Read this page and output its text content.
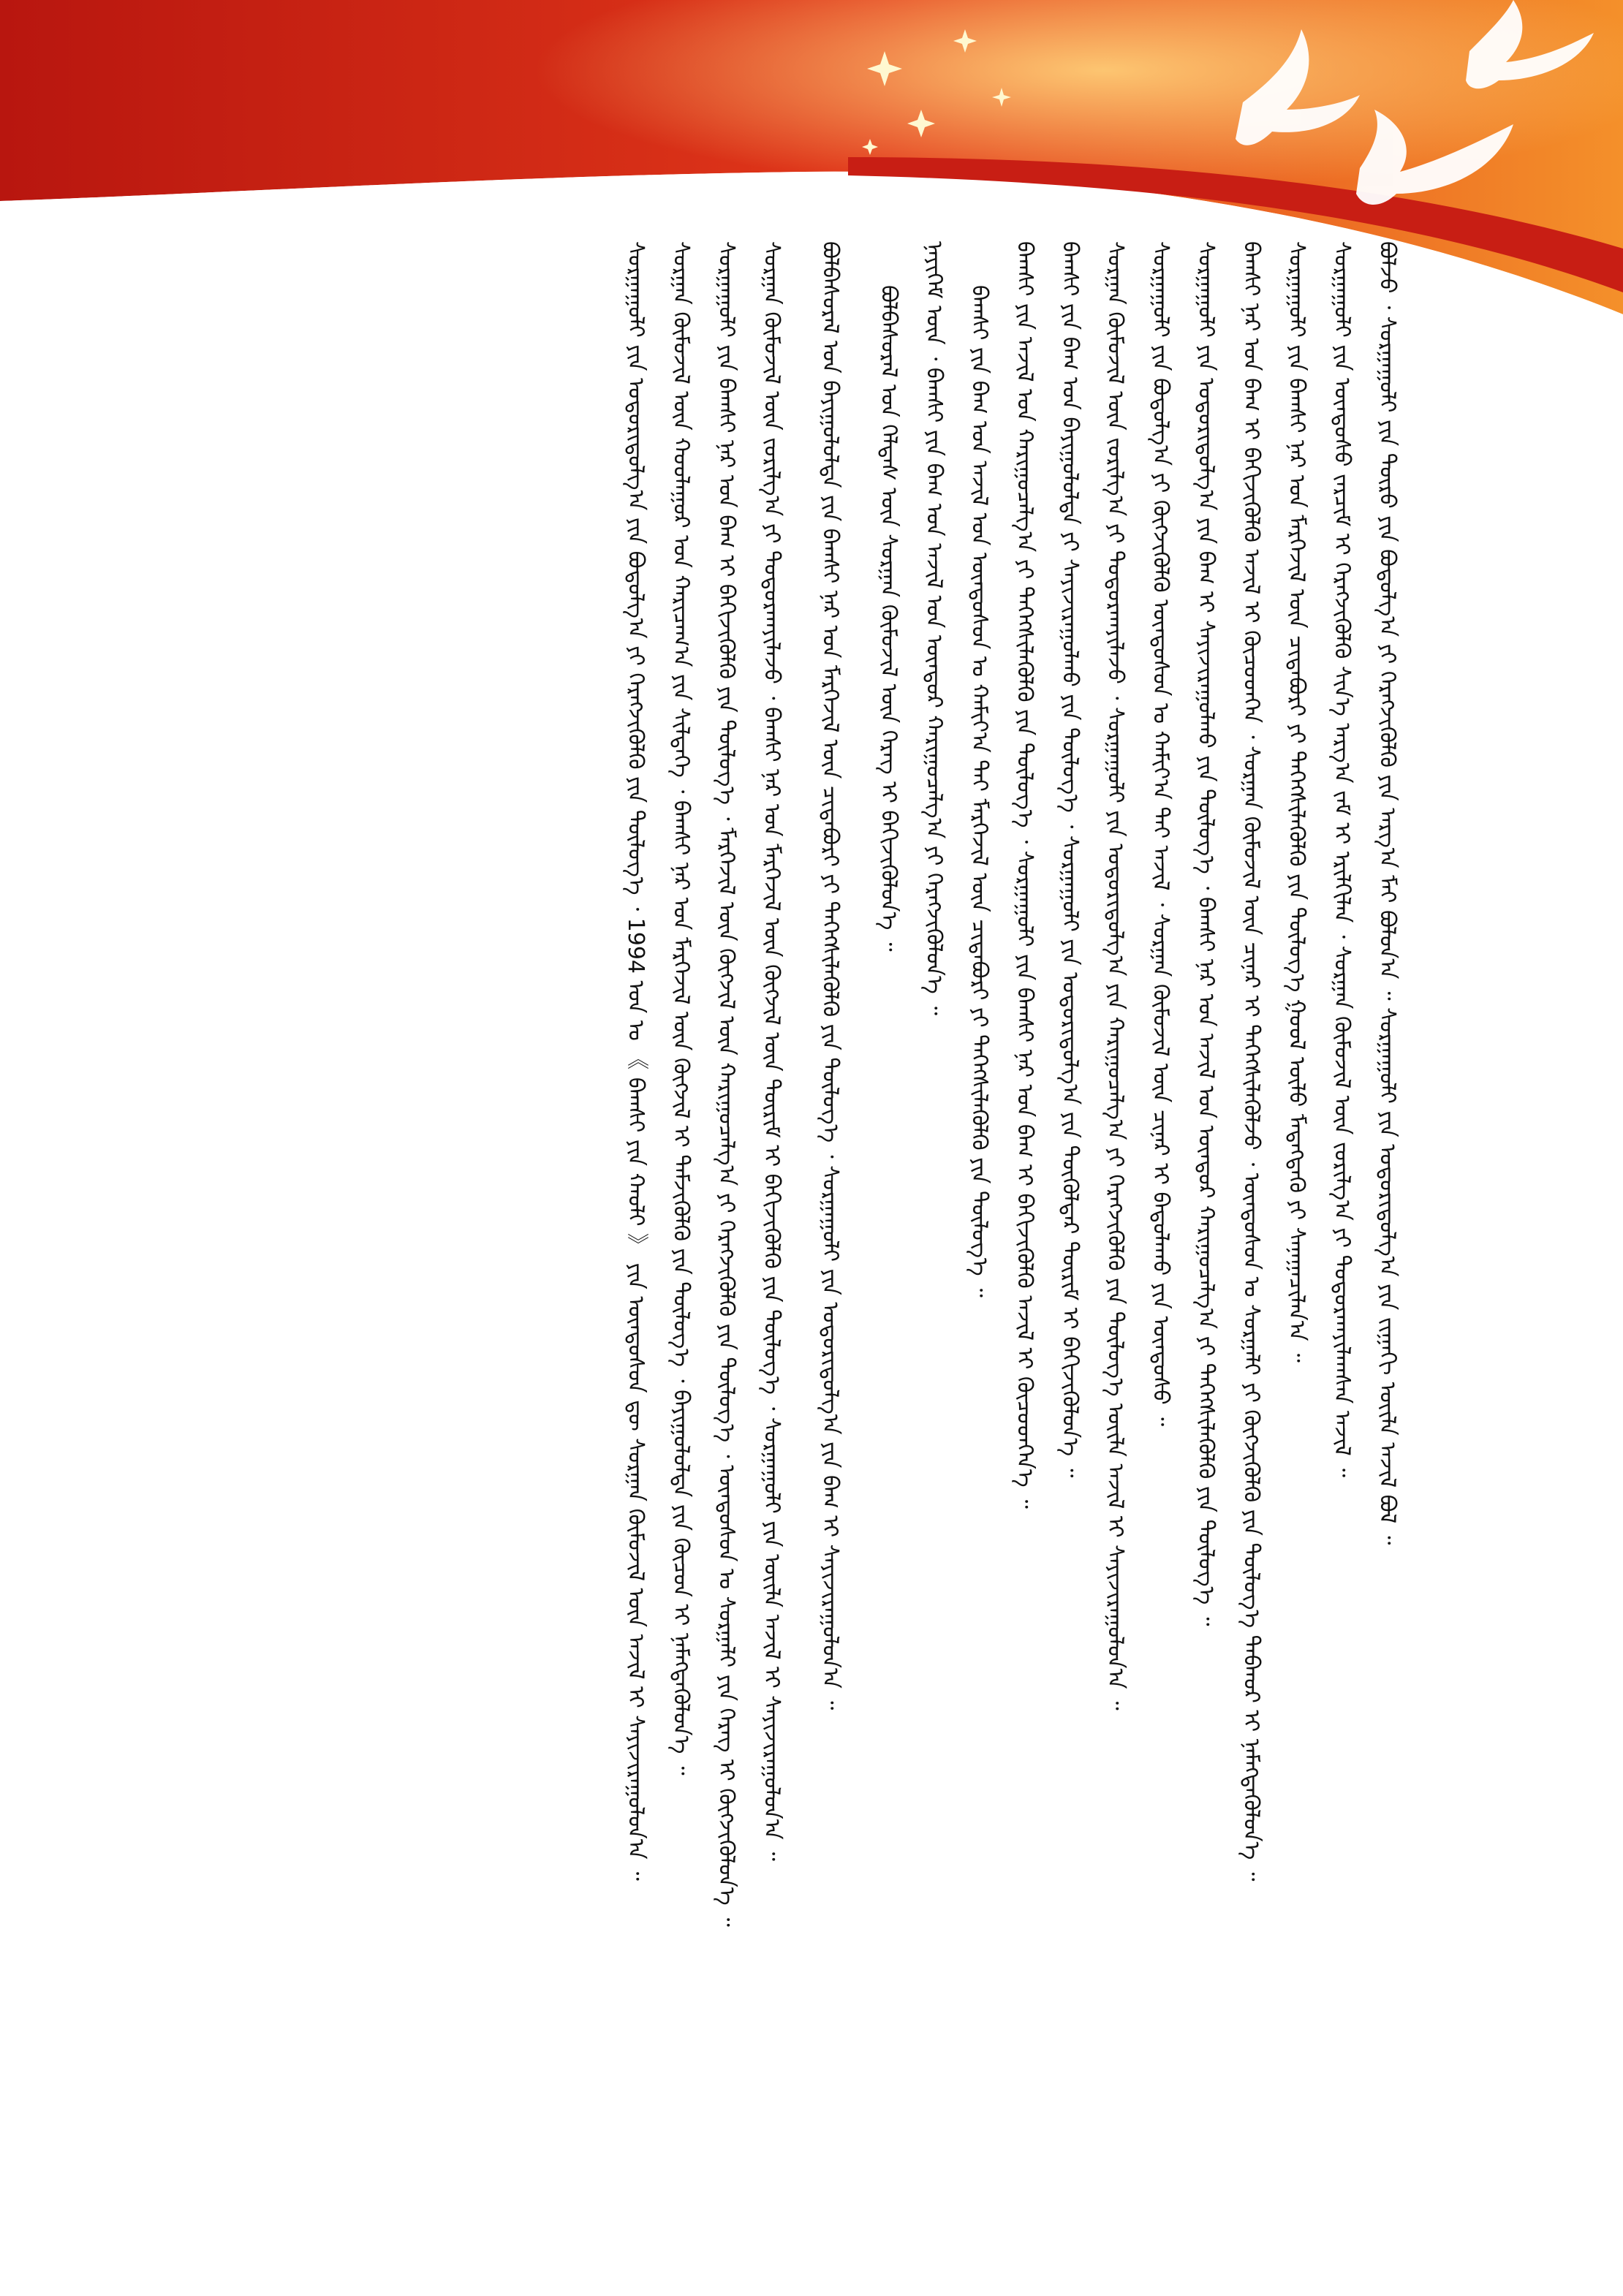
ᠪᠣᠯᠵᠤ ᠂ ᠰᠤᠷᠭᠠᠭᠤᠯᠢ ᠶᠢᠨ ᠲᠥᠷᠥ ᠶᠢᠨ ᠪᠣᠳᠤᠯᠭ᠎ᠠ ᠶᠢ ᠬᠡᠷᠡᠭᠵᠢᠭᠦᠯᠬᠦ ᠶᠢᠨ ᠠᠷᠭ᠎ᠠ ᠮᠠᠶ ᠪᠣᠯᠤᠨ᠎ᠠ ᠃ ᠰᠤᠷᠭᠠᠭᠤᠯᠢ ᠶᠢᠨ ᠤᠳᠤᠷᠢᠳᠤᠯᠭ᠎ᠠ ᠶᠢᠨ ᠵᠢᠭᠠᠬᠢ ᠦᠢᠯᠡ ᠠᠵᠢᠯ ᠪᠣᠯ ᠃
ᠰᠤᠷᠭᠠᠭᠤᠯᠢ ᠶᠢᠨ ᠦᠨᠳᠦᠰᠦ ᠵᠠᠷᠴᠢᠮ ᠢ ᠬᠡᠷᠡᠭᠵᠢᠭᠦᠯᠬᠦ ᠰᠢᠨ᠎ᠡ ᠠᠷᠭ᠎ᠠ ᠵᠠᠮ ᠢ ᠡᠷᠢᠯᠬᠢᠯᠡᠨ ᠂ ᠰᠤᠷᠭᠠᠨ ᠬᠦᠮᠦᠵᠢᠯ ᠦᠨ ᠵᠣᠷᠢᠯᠭ᠎ᠠ ᠶᠢ ᠲᠣᠳᠣᠷᠬᠠᠶᠢᠯᠠᠭᠰᠠᠨ ᠠᠵᠢᠯ ᠃
ᠰᠤᠷᠭᠠᠭᠤᠯᠢ ᠶᠢᠨ ᠪᠠᠭᠰᠢ ᠨᠠᠷ ᠤᠨ ᠮᠡᠷᠭᠡᠵᠢᠯ ᠦᠨ ᠴᠢᠳᠠᠪᠤᠷᠢ ᠶᠢ ᠳᠡᠭᠡᠭᠰᠢᠯᠡᠭᠦᠯᠬᠦ ᠶᠢᠨ ᠲᠥᠯᠥᠭ᠎ᠡ ᠭᠣᠣᠯ ᠦᠯᠦ ᠮᠡᠳᠡᠭᠳᠡᠬᠦ ᠶᠢ ᠰᠠᠨᠠᠭᠠᠴᠢᠯᠠᠨ᠎ᠠ ᠃
ᠪᠠᠭᠰᠢ ᠨᠠᠷ ᠤᠨ ᠪᠠᠭ ᠢ ᠪᠡᠬᠢᠵᠢᠭᠦᠯᠬᠦ ᠠᠵᠢᠯ ᠢ ᠬᠦᠴᠦᠳᠬᠡᠨ ᠂ ᠰᠤᠷᠭᠠᠨ ᠬᠦᠮᠦᠵᠢᠯ ᠦᠨ ᠴᠢᠨᠠᠷ ᠢ ᠳᠡᠭᠡᠭᠰᠢᠯᠡᠭᠦᠯᠵᠦ ᠂ ᠦᠨᠳᠦᠰᠦᠨ ᠤ ᠰᠤᠷᠭᠠᠯᠢ ᠶᠢ ᠬᠥᠭᠵᠢᠭᠦᠯᠬᠦ ᠶᠢᠨ ᠲᠥᠯᠥᠭ᠎ᠡ ᠳᠠᠪᠬᠤᠷ ᠢ ᠨᠡᠮᠡᠭᠳᠡᠭᠦᠯᠦᠨ᠎ᠡ ᠃
ᠰᠤᠷᠭᠠᠭᠤᠯᠢ ᠶᠢᠨ ᠤᠳᠤᠷᠢᠳᠤᠯᠭ᠎ᠠ ᠶᠢᠨ ᠪᠠᠭ ᠢ ᠰᠠᠶᠢᠵᠢᠷᠠᠭᠤᠯᠬᠤ ᠶᠢᠨ ᠲᠥᠯᠥᠭ᠎ᠡ ᠂ ᠪᠠᠭᠰᠢ ᠨᠠᠷ ᠤᠨ ᠠᠵᠢᠯ ᠤᠨ ᠥᠨᠳᠥᠷ ᠬᠠᠷᠢᠭᠤᠴᠠᠯᠭ᠎ᠠ ᠶᠢ ᠳᠡᠭᠡᠭᠰᠢᠯᠡᠭᠦᠯᠬᠦ ᠶᠢᠨ ᠲᠥᠯᠥᠭ᠎ᠡ ᠃
ᠰᠤᠷᠭᠠᠭᠤᠯᠢ ᠶᠢᠨ ᠪᠣᠳᠤᠯᠭ᠎ᠠ ᠶᠢ ᠬᠥᠭᠵᠢᠭᠦᠯᠬᠦ ᠦᠨᠳᠦᠰᠦᠨ ᠤ ᠬᠠᠮᠢᠶ᠎ᠠ ᠲᠠᠢ ᠠᠵᠢᠯ ᠂ ᠰᠤᠷᠭᠠᠨ ᠬᠦᠮᠦᠵᠢᠯ ᠦᠨ ᠴᠢᠨᠠᠷ ᠢ ᠪᠠᠲᠤᠯᠠᠬᠤ ᠶᠢᠨ ᠦᠨᠳᠦᠰᠦ ᠃
ᠰᠤᠷᠭᠠᠨ ᠬᠦᠮᠦᠵᠢᠯ ᠦᠨ ᠵᠣᠷᠢᠯᠭ᠎ᠠ ᠶᠢ ᠲᠣᠳᠣᠷᠬᠠᠶᠢᠯᠠᠵᠤ ᠂ ᠰᠤᠷᠭᠠᠭᠤᠯᠢ ᠶᠢᠨ ᠤᠳᠤᠷᠢᠳᠤᠯᠭ᠎ᠠ ᠶᠢᠨ ᠬᠠᠷᠢᠭᠤᠴᠠᠯᠭ᠎ᠠ ᠶᠢ ᠬᠡᠷᠡᠭᠵᠢᠭᠦᠯᠬᠦ ᠶᠢᠨ ᠲᠥᠯᠥᠭ᠎ᠡ ᠦᠢᠯᠡ ᠠᠵᠢᠯ ᠢ ᠰᠠᠶᠢᠵᠢᠷᠠᠭᠤᠯᠤᠨ᠎ᠠ ᠃
ᠪᠠᠭᠰᠢ ᠶᠢᠨ ᠪᠠᠭ ᠤᠨ ᠪᠠᠶᠢᠭᠤᠯᠤᠯᠲᠠ ᠶᠢ ᠰᠠᠶᠢᠵᠢᠷᠠᠭᠤᠯᠬᠤ ᠶᠢᠨ ᠲᠥᠯᠥᠭ᠎ᠡ ᠂ ᠰᠤᠷᠭᠠᠭᠤᠯᠢ ᠶᠢᠨ ᠤᠳᠤᠷᠢᠳᠤᠯᠭ᠎ᠠ ᠶᠢᠨ ᠲᠥᠭᠥᠯᠳᠡᠷ ᠳᠦᠷᠢᠮ ᠢ ᠪᠡᠬᠢᠵᠢᠭᠦᠯᠦᠨ᠎ᠡ ᠃
ᠪᠠᠭᠰᠢ ᠶᠢᠨ ᠠᠵᠢᠯ ᠤᠨ ᠬᠠᠷᠢᠭᠤᠴᠠᠯᠭ᠎ᠠ ᠶᠢ ᠳᠡᠭᠡᠭᠰᠢᠯᠡᠭᠦᠯᠬᠦ ᠶᠢᠨ ᠲᠥᠯᠥᠭ᠎ᠡ ᠂ ᠰᠤᠷᠭᠠᠭᠤᠯᠢ ᠶᠢᠨ ᠪᠠᠭᠰᠢ ᠨᠠᠷ ᠤᠨ ᠪᠠᠭ ᠢ ᠪᠡᠬᠢᠵᠢᠭᠦᠯᠬᠦ ᠠᠵᠢᠯ ᠢ ᠬᠦᠴᠦᠳᠬᠡᠨ᠎ᠡ ᠃
ᠪᠠᠭᠰᠢ ᠶᠢᠨ ᠪᠠᠭ ᠤᠨ ᠠᠵᠢᠯ ᠤᠨ ᠦᠨᠳᠦᠰᠦᠨ ᠤ ᠬᠠᠮᠢᠶ᠎ᠠ ᠲᠠᠢ ᠮᠡᠷᠭᠡᠵᠢᠯ ᠦᠨ ᠴᠢᠳᠠᠪᠤᠷᠢ ᠶᠢ ᠳᠡᠭᠡᠭᠰᠢᠯᠡᠭᠦᠯᠬᠦ ᠶᠢᠨ ᠲᠥᠯᠥᠭ᠎ᠡ ᠃
ᠨᠡᠶᠢᠭᠡᠮ ᠦᠨ ᠂ ᠪᠠᠭᠰᠢ ᠶᠢᠨ ᠪᠠᠭ ᠤᠨ ᠠᠵᠢᠯ ᠤᠨ ᠥᠨᠳᠥᠷ ᠬᠠᠷᠢᠭᠤᠴᠠᠯᠭ᠎ᠠ ᠶᠢ ᠬᠡᠷᠡᠭᠵᠢᠭᠦᠯᠦᠨ᠎ᠡ ᠃
ᠪᠣᠯᠪᠠᠰᠤᠷᠠᠯ ᠤᠨ ᠬᠡᠯᠲᠡᠰ ᠦᠨ ᠰᠤᠷᠭᠠᠨ ᠬᠦᠮᠦᠵᠢᠯ ᠦᠨ ᠬᠡᠷᠡᠭ ᠢ ᠪᠡᠬᠢᠵᠢᠭᠦᠯᠦᠨ᠎ᠡ ᠃
ᠪᠣᠯᠪᠠᠰᠤᠷᠠᠯ ᠤᠨ ᠪᠠᠶᠢᠭᠤᠯᠤᠯᠲᠠ ᠶᠢᠨ ᠪᠠᠭᠰᠢ ᠨᠠᠷ ᠤᠨ ᠮᠡᠷᠭᠡᠵᠢᠯ ᠦᠨ ᠴᠢᠳᠠᠪᠤᠷᠢ ᠶᠢ ᠳᠡᠭᠡᠭᠰᠢᠯᠡᠭᠦᠯᠬᠦ ᠶᠢᠨ ᠲᠥᠯᠥᠭ᠎ᠡ ᠂ ᠰᠤᠷᠭᠠᠭᠤᠯᠢ ᠶᠢᠨ ᠤᠳᠤᠷᠢᠳᠤᠯᠭ᠎ᠠ ᠶᠢᠨ ᠪᠠᠭ ᠢ ᠰᠠᠶᠢᠵᠢᠷᠠᠭᠤᠯᠤᠨ᠎ᠠ ᠃
ᠰᠤᠷᠭᠠᠨ ᠬᠦᠮᠦᠵᠢᠯ ᠦᠨ ᠵᠣᠷᠢᠯᠭ᠎ᠠ ᠶᠢ ᠲᠣᠳᠣᠷᠬᠠᠶᠢᠯᠠᠵᠤ ᠂ ᠪᠠᠭᠰᠢ ᠨᠠᠷ ᠤᠨ ᠮᠡᠷᠭᠡᠵᠢᠯ ᠦᠨ ᠬᠥᠭᠵᠢᠯ ᠦᠨ ᠳᠦᠷᠢᠮ ᠢ ᠪᠡᠬᠢᠵᠢᠭᠦᠯᠬᠦ ᠶᠢᠨ ᠲᠥᠯᠥᠭ᠎ᠡ ᠂ ᠰᠤᠷᠭᠠᠭᠤᠯᠢ ᠶᠢᠨ ᠦᠢᠯᠡ ᠠᠵᠢᠯ ᠢ ᠰᠠᠶᠢᠵᠢᠷᠠᠭᠤᠯᠤᠨ᠎ᠠ ᠃
ᠰᠤᠷᠭᠠᠭᠤᠯᠢ ᠶᠢᠨ ᠪᠠᠭᠰᠢ ᠨᠠᠷ ᠤᠨ ᠪᠠᠭ ᠢ ᠪᠡᠬᠢᠵᠢᠭᠦᠯᠬᠦ ᠶᠢᠨ ᠲᠥᠯᠥᠭ᠎ᠡ ᠂ ᠮᠡᠷᠭᠡᠵᠢᠯ ᠦᠨ ᠬᠥᠭᠵᠢᠯ ᠦᠨ ᠬᠠᠷᠢᠭᠤᠴᠠᠯᠭ᠎ᠠ ᠶᠢ ᠬᠡᠷᠡᠭᠵᠢᠭᠦᠯᠬᠦ ᠶᠢᠨ ᠲᠥᠯᠥᠭ᠎ᠡ ᠂ ᠦᠨᠳᠦᠰᠦᠨ ᠤ ᠰᠤᠷᠭᠠᠯᠢ ᠶᠢᠨ ᠬᠡᠷᠡᠭ ᠢ ᠬᠥᠭᠵᠢᠭᠦᠯᠦᠨ᠎ᠡ ᠃
ᠰᠤᠷᠭᠠᠨ ᠬᠦᠮᠦᠵᠢᠯ ᠦᠨ ᠬᠣᠣᠯᠠᠭᠤᠷ ᠤᠨ ᠬᠠᠷᠢᠴᠠᠭ᠎ᠠ ᠶᠢᠨ ᠰᠢᠯᠳᠡᠭᠡ ᠂ ᠪᠠᠭᠰᠢ ᠨᠠᠷ ᠤᠨ ᠮᠡᠷᠭᠡᠵᠢᠯ ᠦᠨ ᠬᠥᠭᠵᠢᠯ ᠢ ᠳᠡᠮᠵᠢᠭᠦᠯᠬᠦ ᠶᠢᠨ ᠲᠥᠯᠥᠭ᠎ᠡ ᠂ ᠪᠠᠶᠢᠭᠤᠯᠤᠯᠲᠠ ᠶᠢᠨ ᠬᠦᠴᠦᠨ ᠢ ᠨᠡᠮᠡᠭᠳᠡᠭᠦᠯᠦᠨ᠎ᠡ ᠃
ᠰᠤᠷᠭᠠᠭᠤᠯᠢ ᠶᠢᠨ ᠤᠳᠤᠷᠢᠳᠤᠯᠭ᠎ᠠ ᠶᠢᠨ ᠪᠣᠳᠤᠯᠭ᠎ᠠ ᠶᠢ ᠬᠡᠷᠡᠭᠵᠢᠭᠦᠯᠬᠦ ᠶᠢᠨ ᠲᠥᠯᠥᠭ᠎ᠡ ᠂ 1994 ᠣᠨ ᠤ 《 ᠪᠠᠭᠰᠢ ᠶᠢᠨ ᠬᠠᠤᠯᠢ 》 ᠶᠢᠨ ᠦᠨᠳᠦᠰᠦᠨ ᠳᠦ ᠰᠤᠷᠭᠠᠨ ᠬᠦᠮᠦᠵᠢᠯ ᠦᠨ ᠠᠵᠢᠯ ᠢ ᠰᠠᠶᠢᠵᠢᠷᠠᠭᠤᠯᠤᠨ᠎ᠠ ᠃
